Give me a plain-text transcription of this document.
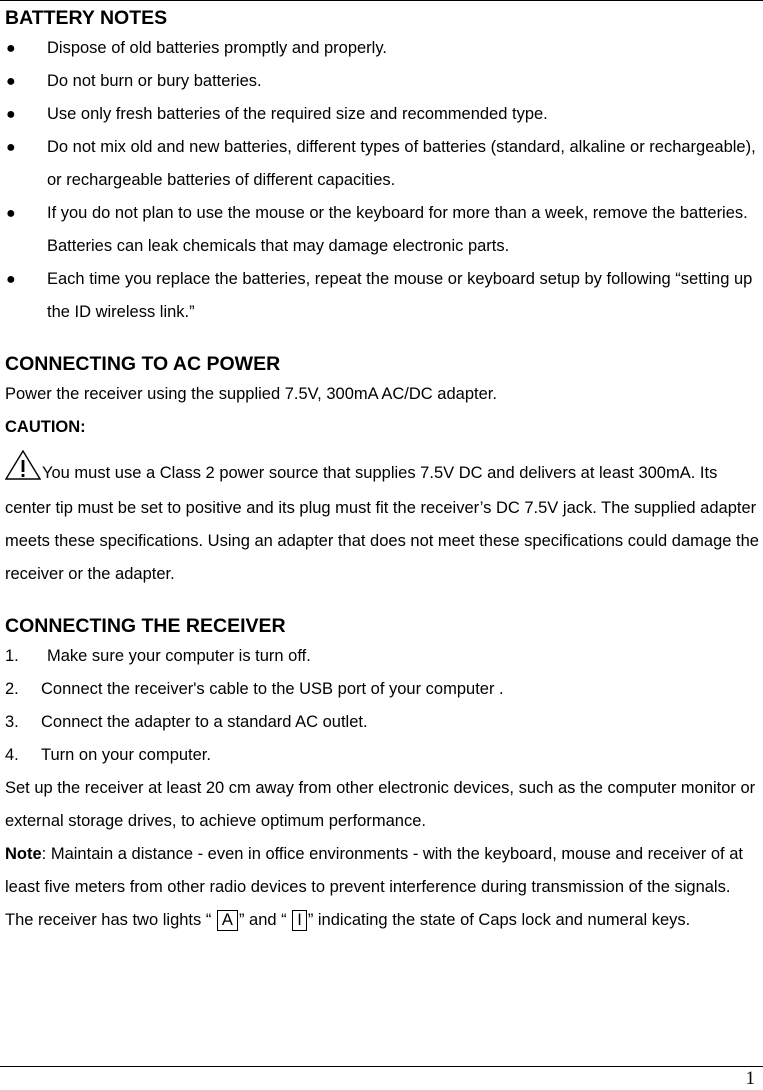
BATTERY NOTES
● Dispose of old batteries promptly and properly.
● Do not burn or bury batteries.
● Use only fresh batteries of the required size and recommended type.
● Do not mix old and new batteries, different types of batteries (standard, alkaline or rechargeable), or rechargeable batteries of different capacities.
● If you do not plan to use the mouse or the keyboard for more than a week, remove the batteries. Batteries can leak chemicals that may damage electronic parts.
● Each time you replace the batteries, repeat the mouse or keyboard setup by following “setting up the ID wireless link.”
CONNECTING TO AC POWER

Power the receiver using the supplied 7.5V, 300mA AC/DC adapter.

CAUTION:
You must use a Class 2 power source that supplies 7.5V DC and delivers at least 300mA. Its center tip must be set to positive and its plug must fit the receiver’s DC 7.5V jack. The supplied adapter meets these specifications. Using an adapter that does not meet these specifications could damage the receiver or the adapter.
CONNECTING THE RECEIVER
1. Make sure your computer is turn off.
2. Connect the receiver's cable to the USB port of your computer .
3. Connect the adapter to a standard AC outlet.
4. Turn on your computer.

Set up the receiver at least 20 cm away from other electronic devices, such as the computer monitor or external storage drives, to achieve optimum performance.

Note: Maintain a distance - even in office environments - with the keyboard, mouse and receiver of at least five meters from other radio devices to prevent interference during transmission of the signals. The receiver has two lights “ A ” and “ I ” indicating the state of Caps lock and numeral keys.

1
